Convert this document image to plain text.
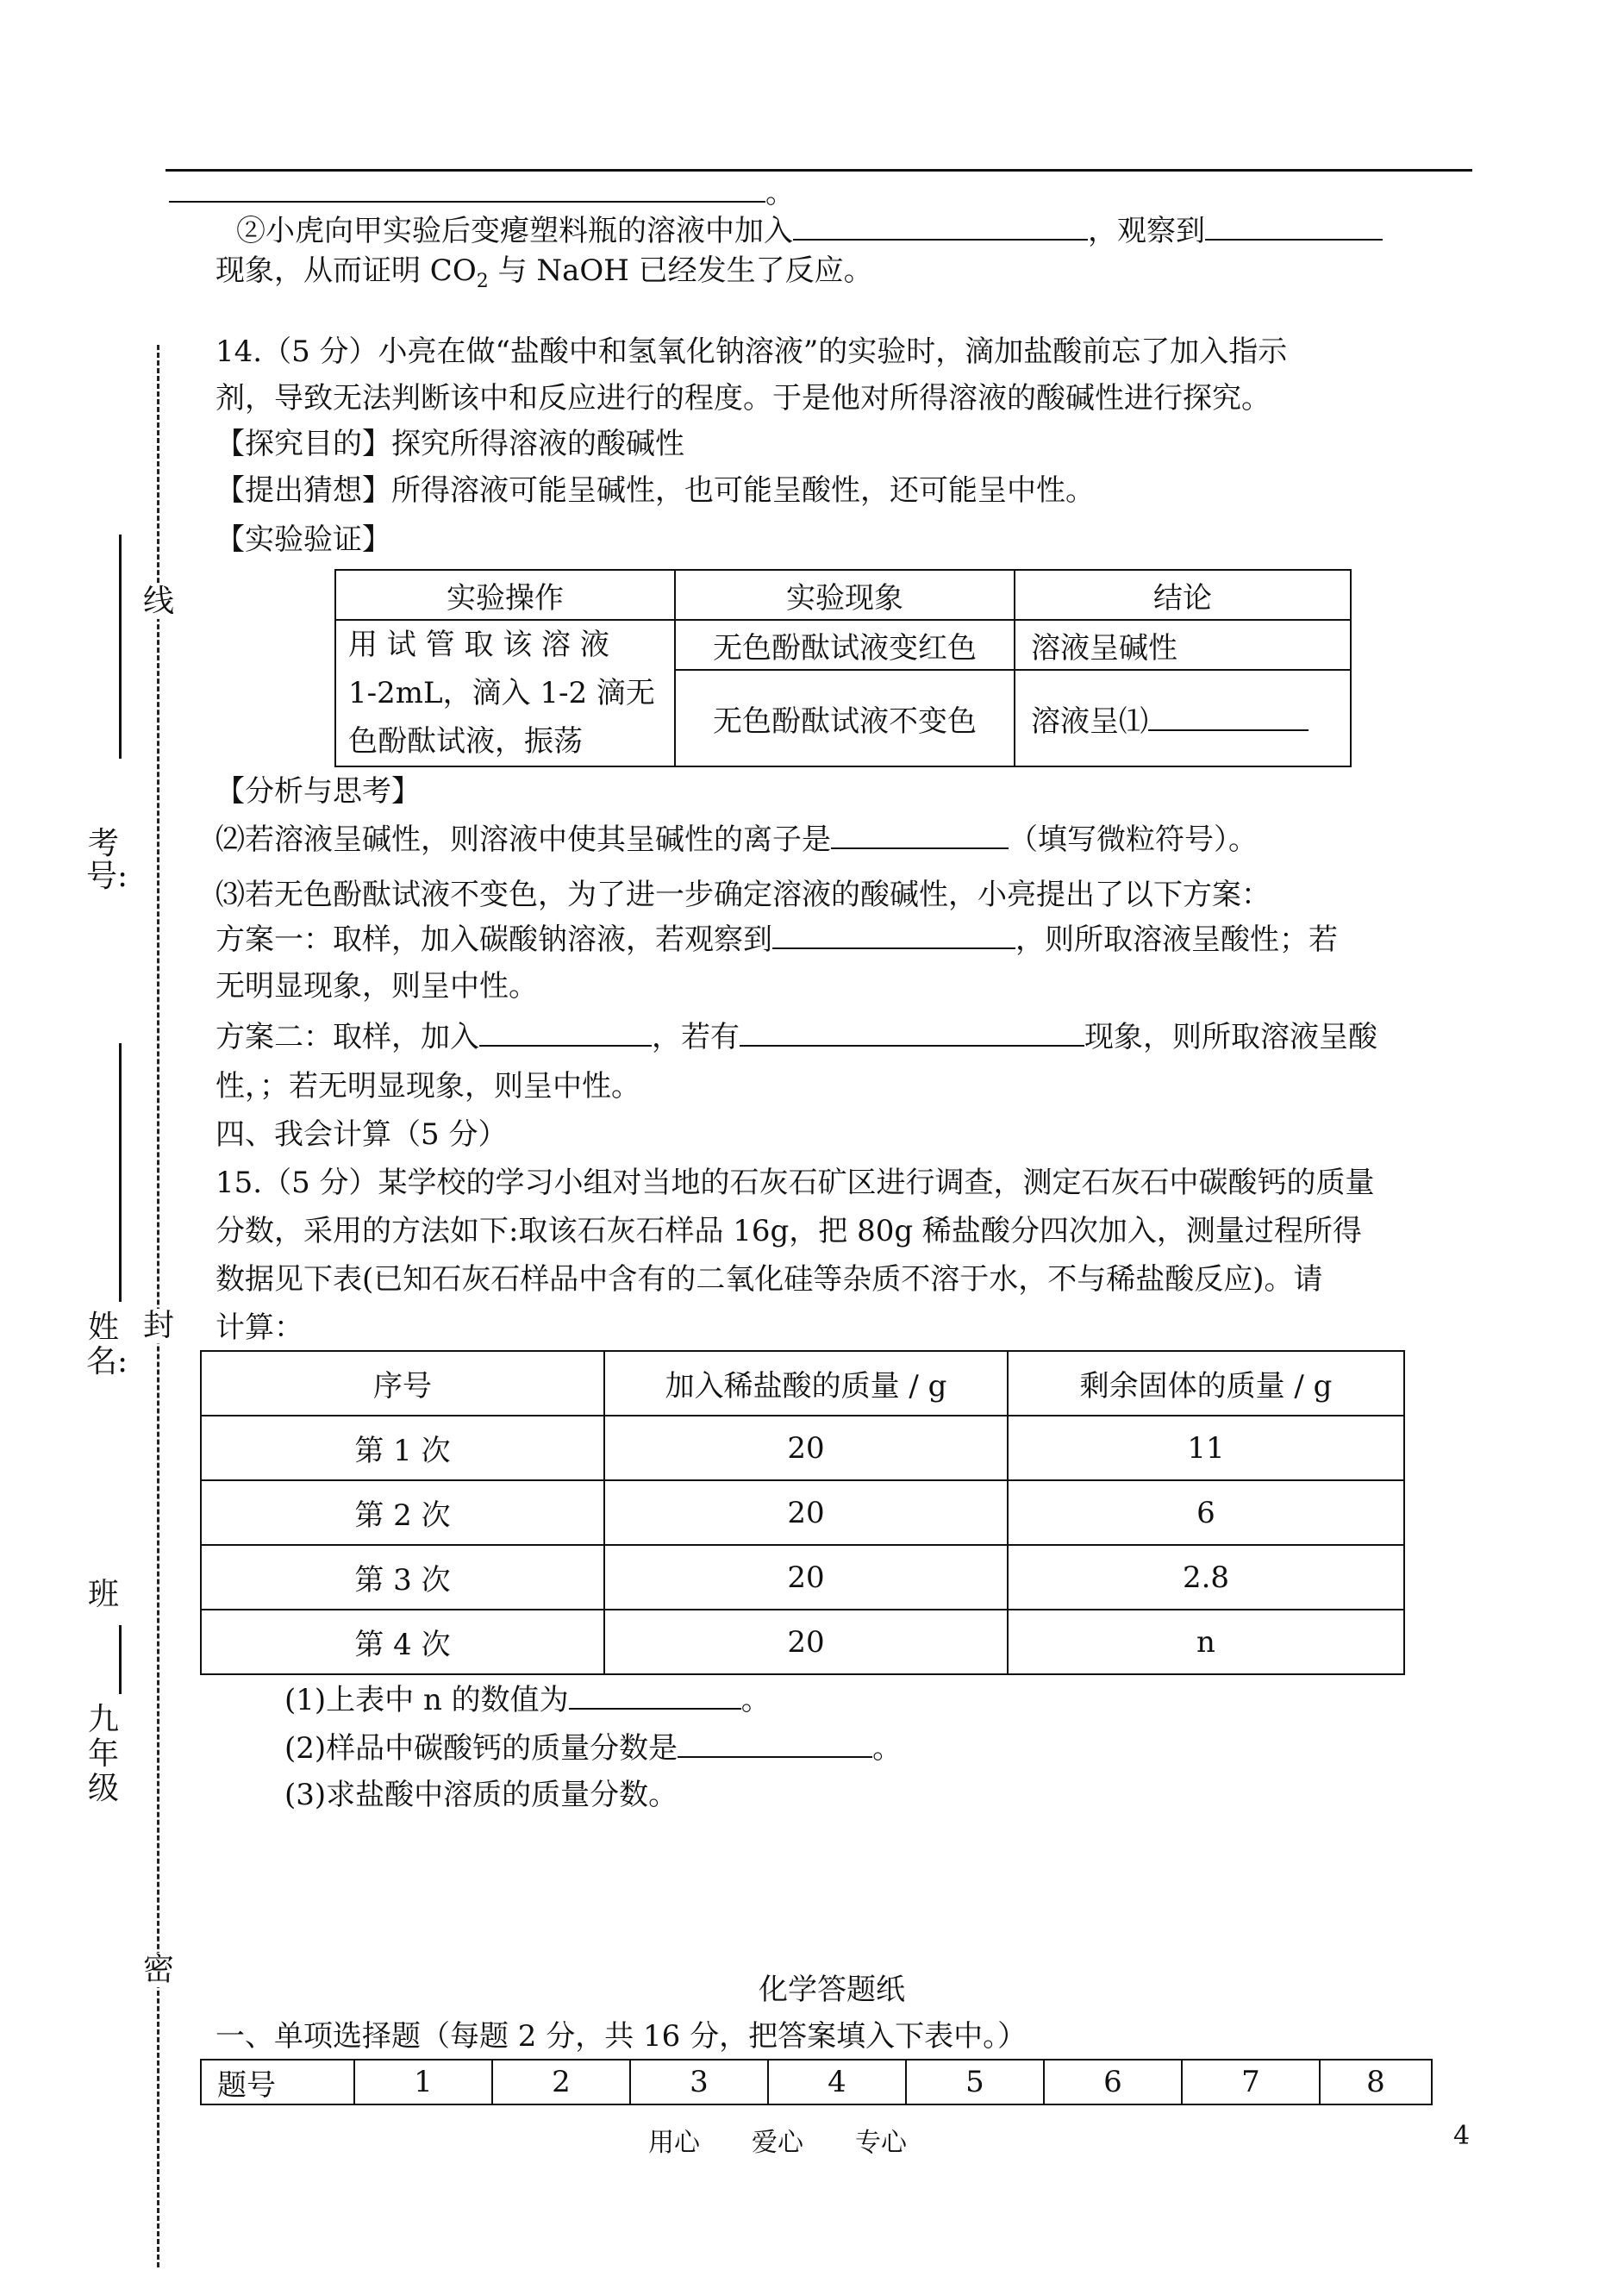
线
考号:
姓名:
封
班
九年级
密
。
②小虎向甲实验后变瘪塑料瓶的溶液中加入	，观察到
现象，从而证明 $CO_2$ 与 NaOH 已经发生了反应。
14.（5 分）小亮在做“盐酸中和氢氧化钠溶液”的实验时，滴加盐酸前忘了加入指示
剂，导致无法判断该中和反应进行的程度。于是他对所得溶液的酸碱性进行探究。
【探究目的】探究所得溶液的酸碱性
【提出猜想】所得溶液可能呈碱性，也可能呈酸性，还可能呈中性。
【实验验证】
实验操作	实验现象	结论

用 试 管 取 该 溶 液
1-2mL，滴入 1-2 滴无
色酚酞试液，振荡	无色酚酞试液变红色	溶液呈碱性
	无色酚酞试液不变色	溶液呈⑴
【分析与思考】
⑵若溶液呈碱性，则溶液中使其呈碱性的离子是	（填写微粒符号）。
⑶若无色酚酞试液不变色，为了进一步确定溶液的酸碱性，小亮提出了以下方案：
方案一：取样，加入碳酸钠溶液，若观察到	，则所取溶液呈酸性；若
无明显现象，则呈中性。
方案二：取样，加入	，若有	现象，则所取溶液呈酸
性，；若无明显现象，则呈中性。
四、我会计算（5 分）
15.（5 分）某学校的学习小组对当地的石灰石矿区进行调查，测定石灰石中碳酸钙的质量
分数，采用的方法如下:取该石灰石样品 16g，把 80g 稀盐酸分四次加入，测量过程所得
数据见下表(已知石灰石样品中含有的二氧化硅等杂质不溶于水，不与稀盐酸反应)。请
计算：
序号	加入稀盐酸的质量 / g	剩余固体的质量 / g
第 1 次	20	11
第 2 次	20	6
第 3 次	20	2.8
第 4 次	20	n
(1)上表中 n 的数值为	。
(2)样品中碳酸钙的质量分数是	。
(3)求盐酸中溶质的质量分数。
化学答题纸
一、单项选择题（每题 2 分，共 16 分，把答案填入下表中。）
题号	1	2	3	4	5	6	7	8
用心　　爱心　　专心	4
